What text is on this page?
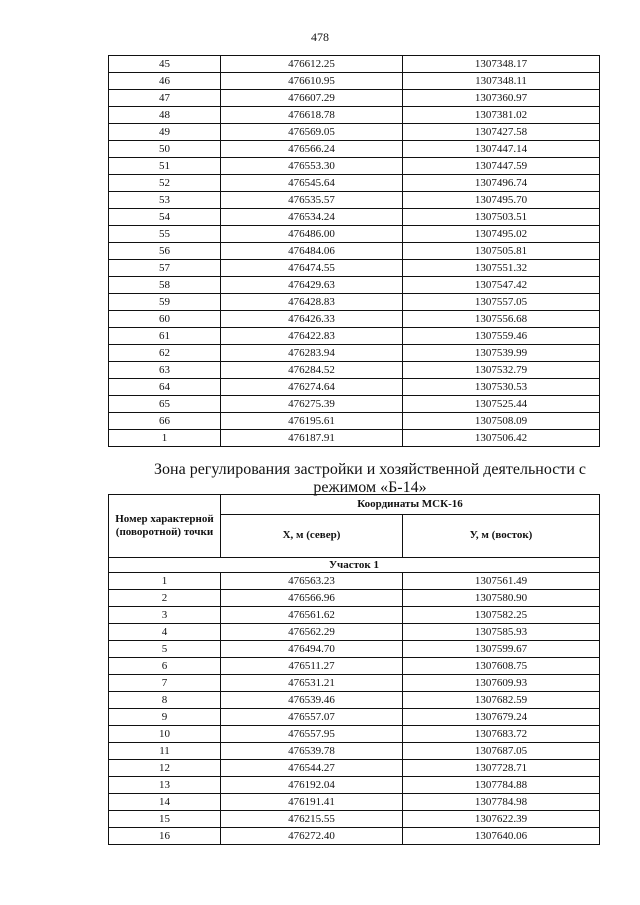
478
45	476612.25	1307348.17
46	476610.95	1307348.11
47	476607.29	1307360.97
48	476618.78	1307381.02
49	476569.05	1307427.58
50	476566.24	1307447.14
51	476553.30	1307447.59
52	476545.64	1307496.74
53	476535.57	1307495.70
54	476534.24	1307503.51
55	476486.00	1307495.02
56	476484.06	1307505.81
57	476474.55	1307551.32
58	476429.63	1307547.42
59	476428.83	1307557.05
60	476426.33	1307556.68
61	476422.83	1307559.46
62	476283.94	1307539.99
63	476284.52	1307532.79
64	476274.64	1307530.53
65	476275.39	1307525.44
66	476195.61	1307508.09
1	476187.91	1307506.42
Зона регулирования застройки и хозяйственной деятельности с режимом «Б-14»
Номер характерной (поворотной) точки	Координаты МСК-16	
	X, м (север)	У, м (восток)
Участок 1		
1	476563.23	1307561.49
2	476566.96	1307580.90
3	476561.62	1307582.25
4	476562.29	1307585.93
5	476494.70	1307599.67
6	476511.27	1307608.75
7	476531.21	1307609.93
8	476539.46	1307682.59
9	476557.07	1307679.24
10	476557.95	1307683.72
11	476539.78	1307687.05
12	476544.27	1307728.71
13	476192.04	1307784.88
14	476191.41	1307784.98
15	476215.55	1307622.39
16	476272.40	1307640.06
